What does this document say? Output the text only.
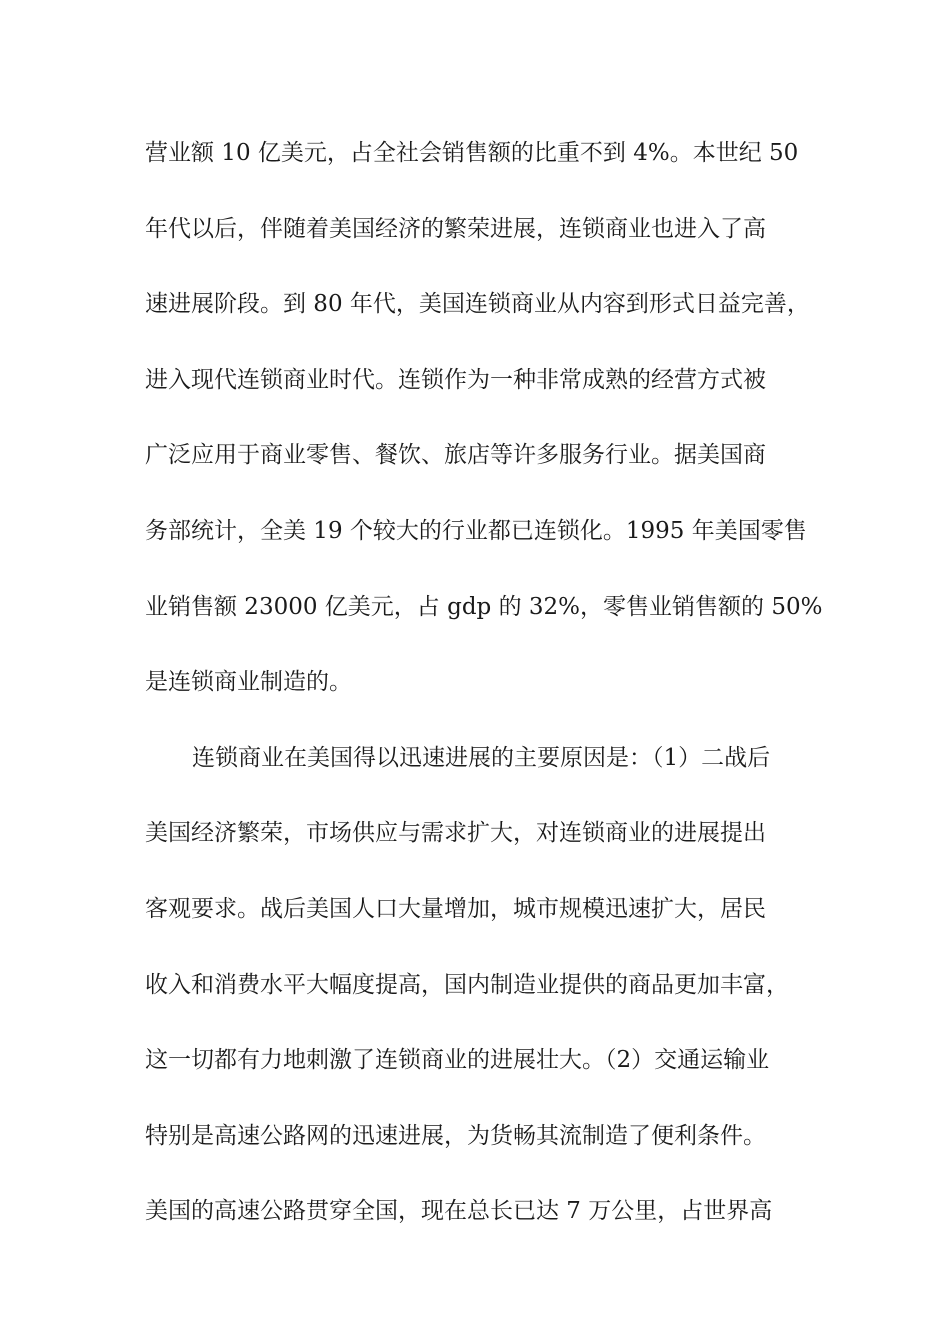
营业额 10 亿美元，占全社会销售额的比重不到 4%。本世纪 50
年代以后，伴随着美国经济的繁荣进展，连锁商业也进入了高
速进展阶段。到 80 年代，美国连锁商业从内容到形式日益完善，
进入现代连锁商业时代。连锁作为一种非常成熟的经营方式被
广泛应用于商业零售、餐饮、旅店等许多服务行业。据美国商
务部统计，全美 19 个较大的行业都已连锁化。1995 年美国零售
业销售额 23000 亿美元，占 gdp 的 32%，零售业销售额的 50%
是连锁商业制造的。
连锁商业在美国得以迅速进展的主要原因是：（1）二战后
美国经济繁荣，市场供应与需求扩大，对连锁商业的进展提出
客观要求。战后美国人口大量增加，城市规模迅速扩大，居民
收入和消费水平大幅度提高，国内制造业提供的商品更加丰富，
这一切都有力地刺激了连锁商业的进展壮大。（2）交通运输业
特别是高速公路网的迅速进展，为货畅其流制造了便利条件。
美国的高速公路贯穿全国，现在总长已达 7 万公里，占世界高
